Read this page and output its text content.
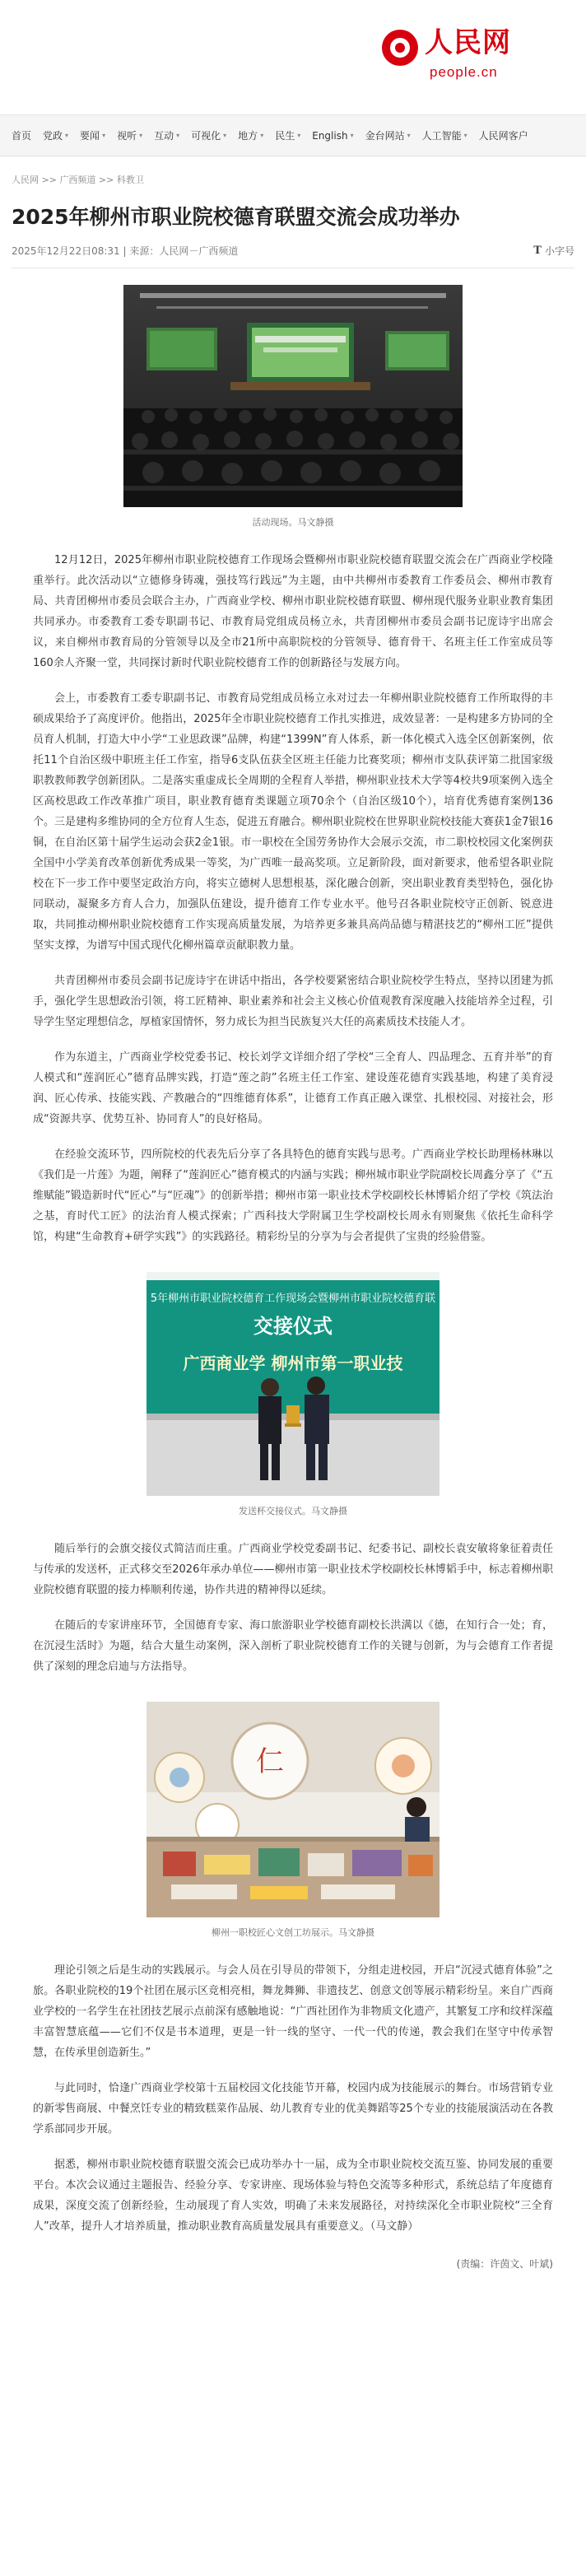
人民网
people.cn
首页 党政 ▾ 要闻 ▾ 视听 ▾ 互动 ▾ 可视化 ▾ 地方 ▾ 民生 ▾ English ▾ 金台网站 ▾ 人工智能 ▾ 人民网客户
人民网 >> 广西频道 >> 科教卫
2025年柳州市职业院校德育联盟交流会成功举办
2025年12月22日08:31 | 来源：人民网－广西频道	T 小字号
活动现场。马文静摄

12月12日，2025年柳州市职业院校德育工作现场会暨柳州市职业院校德育联盟交流会在广西商业学校隆重举行。此次活动以“立德修身铸魂，强技笃行践远”为主题，由中共柳州市委教育工作委员会、柳州市教育局、共青团柳州市委员会联合主办，广西商业学校、柳州市职业院校德育联盟、柳州现代服务业职业教育集团共同承办。市委教育工委专职副书记、市教育局党组成员杨立永，共青团柳州市委员会副书记庞诗宇出席会议，来自柳州市教育局的分管领导以及全市21所中高职院校的分管领导、德育骨干、名班主任工作室成员等160余人齐聚一堂，共同探讨新时代职业院校德育工作的创新路径与发展方向。

会上，市委教育工委专职副书记、市教育局党组成员杨立永对过去一年柳州职业院校德育工作所取得的丰硕成果给予了高度评价。他指出，2025年全市职业院校德育工作扎实推进，成效显著：一是构建多方协同的全员育人机制，打造大中小学“工业思政课”品牌，构建“1399N”育人体系，新一体化模式入选全区创新案例，依托11个自治区级中职班主任工作室，指导6支队伍获全区班主任能力比赛奖项；柳州市支队获评第二批国家级职教教师教学创新团队。二是落实重虚成长全周期的全程育人举措，柳州职业技术大学等4校共9项案例入选全区高校思政工作改革推广项目，职业教育德育类课题立项70余个（自治区级10个），培育优秀德育案例136个。三是建构多维协同的全方位育人生态，促进五育融合。柳州职业院校在世界职业院校技能大赛获1金7银16铜，在自治区第十届学生运动会获2金1银。市一职校在全国劳务协作大会展示交流，市二职校校园文化案例获全国中小学美育改革创新优秀成果一等奖，为广西唯一最高奖项。立足新阶段，面对新要求，他希望各职业院校在下一步工作中要坚定政治方向，将实立德树人思想根基，深化融合创新，突出职业教育类型特色，强化协同联动，凝聚多方育人合力，加强队伍建设，提升德育工作专业水平。他号召各职业院校守正创新、锐意进取，共同推动柳州职业院校德育工作实现高质量发展，为培养更多兼具高尚品德与精湛技艺的“柳州工匠”提供坚实支撑，为谱写中国式现代化柳州篇章贡献职教力量。

共青团柳州市委员会副书记庞诗宇在讲话中指出，各学校要紧密结合职业院校学生特点，坚持以团建为抓手，强化学生思想政治引领，将工匠精神、职业素养和社会主义核心价值观教育深度融入技能培养全过程，引导学生坚定理想信念，厚植家国情怀，努力成长为担当民族复兴大任的高素质技术技能人才。

作为东道主，广西商业学校党委书记、校长刘学文详细介绍了学校“三全育人、四品理念、五育并举”的育人模式和“莲润匠心”德育品牌实践，打造“莲之韵”名班主任工作室、建设莲花德育实践基地，构建了美育浸润、匠心传承、技能实践、产教融合的“四维德育体系”，让德育工作真正融入课堂、扎根校园、对接社会，形成“资源共享、优势互补、协同育人”的良好格局。

在经验交流环节，四所院校的代表先后分享了各具特色的德育实践与思考。广西商业学校长助理杨林琳以《我们是一片莲》为题，阐释了“莲润匠心”德育模式的内涵与实践；柳州城市职业学院副校长周鑫分享了《“五维赋能”锻造新时代“匠心”与“匠魂”》的创新举措；柳州市第一职业技术学校副校长林博韬介绍了学校《筑法治之基，育时代工匠》的法治育人模式探索；广西科技大学附属卫生学校副校长周永有则聚焦《依托生命科学馆，构建“生命教育+研学实践”》的实践路径。精彩纷呈的分享为与会者提供了宝贵的经验借鉴。

5年柳州市职业院校德育工作现场会暨柳州市职业院校德育联
交接仪式
广西商业学 柳州市第一职业技
发送杯交接仪式。马文静摄

随后举行的会旗交接仪式简洁而庄重。广西商业学校党委副书记、纪委书记、副校长袁安敏将象征着责任与传承的发送杯，正式移交至2026年承办单位——柳州市第一职业技术学校副校长林博韬手中，标志着柳州职业院校德育联盟的接力棒顺利传递，协作共进的精神得以延续。

在随后的专家讲座环节，全国德育专家、海口旅游职业学校德育副校长洪满以《德，在知行合一处；育，在沉浸生活时》为题，结合大量生动案例，深入剖析了职业院校德育工作的关键与创新，为与会德育工作者提供了深刻的理念启迪与方法指导。

仁
柳州一职校匠心文创工坊展示。马文静摄

理论引领之后是生动的实践展示。与会人员在引导员的带领下，分组走进校园，开启“沉浸式德育体验”之旅。各职业院校的19个社团在展示区竞相亮相，舞龙舞狮、非遗技艺、创意文创等展示精彩纷呈。来自广西商业学校的一名学生在社团技艺展示点前深有感触地说：“广西社团作为非物质文化遗产，其繁复工序和纹样深蕴丰富智慧底蕴——它们不仅是书本道理，更是一针一线的坚守、一代一代的传递，教会我们在坚守中传承智慧，在传承里创造新生。”

与此同时，恰逢广西商业学校第十五届校园文化技能节开幕，校园内成为技能展示的舞台。市场营销专业的新零售商展、中餐烹饪专业的精致糕菜作品展、幼儿教育专业的优美舞蹈等25个专业的技能展演活动在各教学系部同步开展。

据悉，柳州市职业院校德育联盟交流会已成功举办十一届，成为全市职业院校交流互鉴、协同发展的重要平台。本次会议通过主题报告、经验分享、专家讲座、现场体验与特色交流等多种形式，系统总结了年度德育成果，深度交流了创新经验，生动展现了育人实效，明确了未来发展路径，对持续深化全市职业院校“三全育人”改革，提升人才培养质量，推动职业教育高质量发展具有重要意义。（马文静）

(责编：许茵文、叶斌)
